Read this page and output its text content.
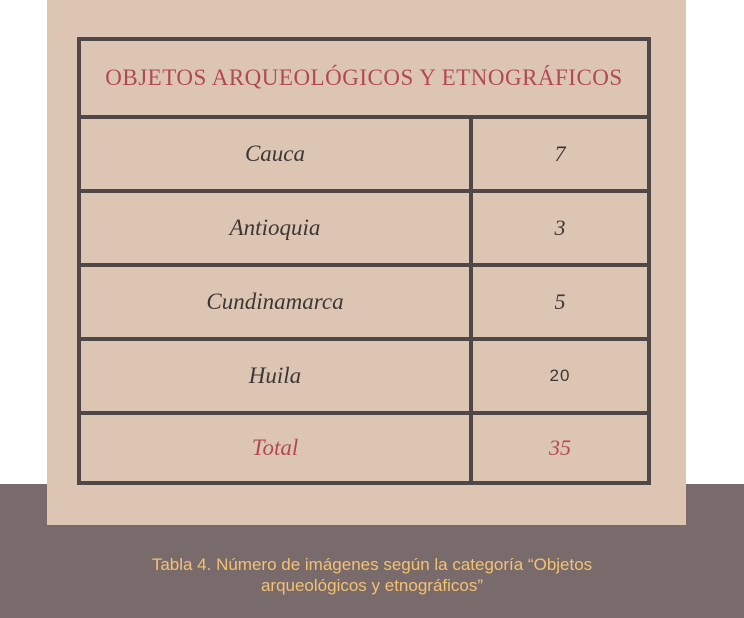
OBJETOS ARQUEOLÓGICOS Y ETNOGRÁFICOS
Cauca	7
Antioquia	3
Cundinamarca	5
Huila	20
Total	35
Tabla 4. Número de imágenes según la categoría “Objetos
arqueológicos y etnográficos”
